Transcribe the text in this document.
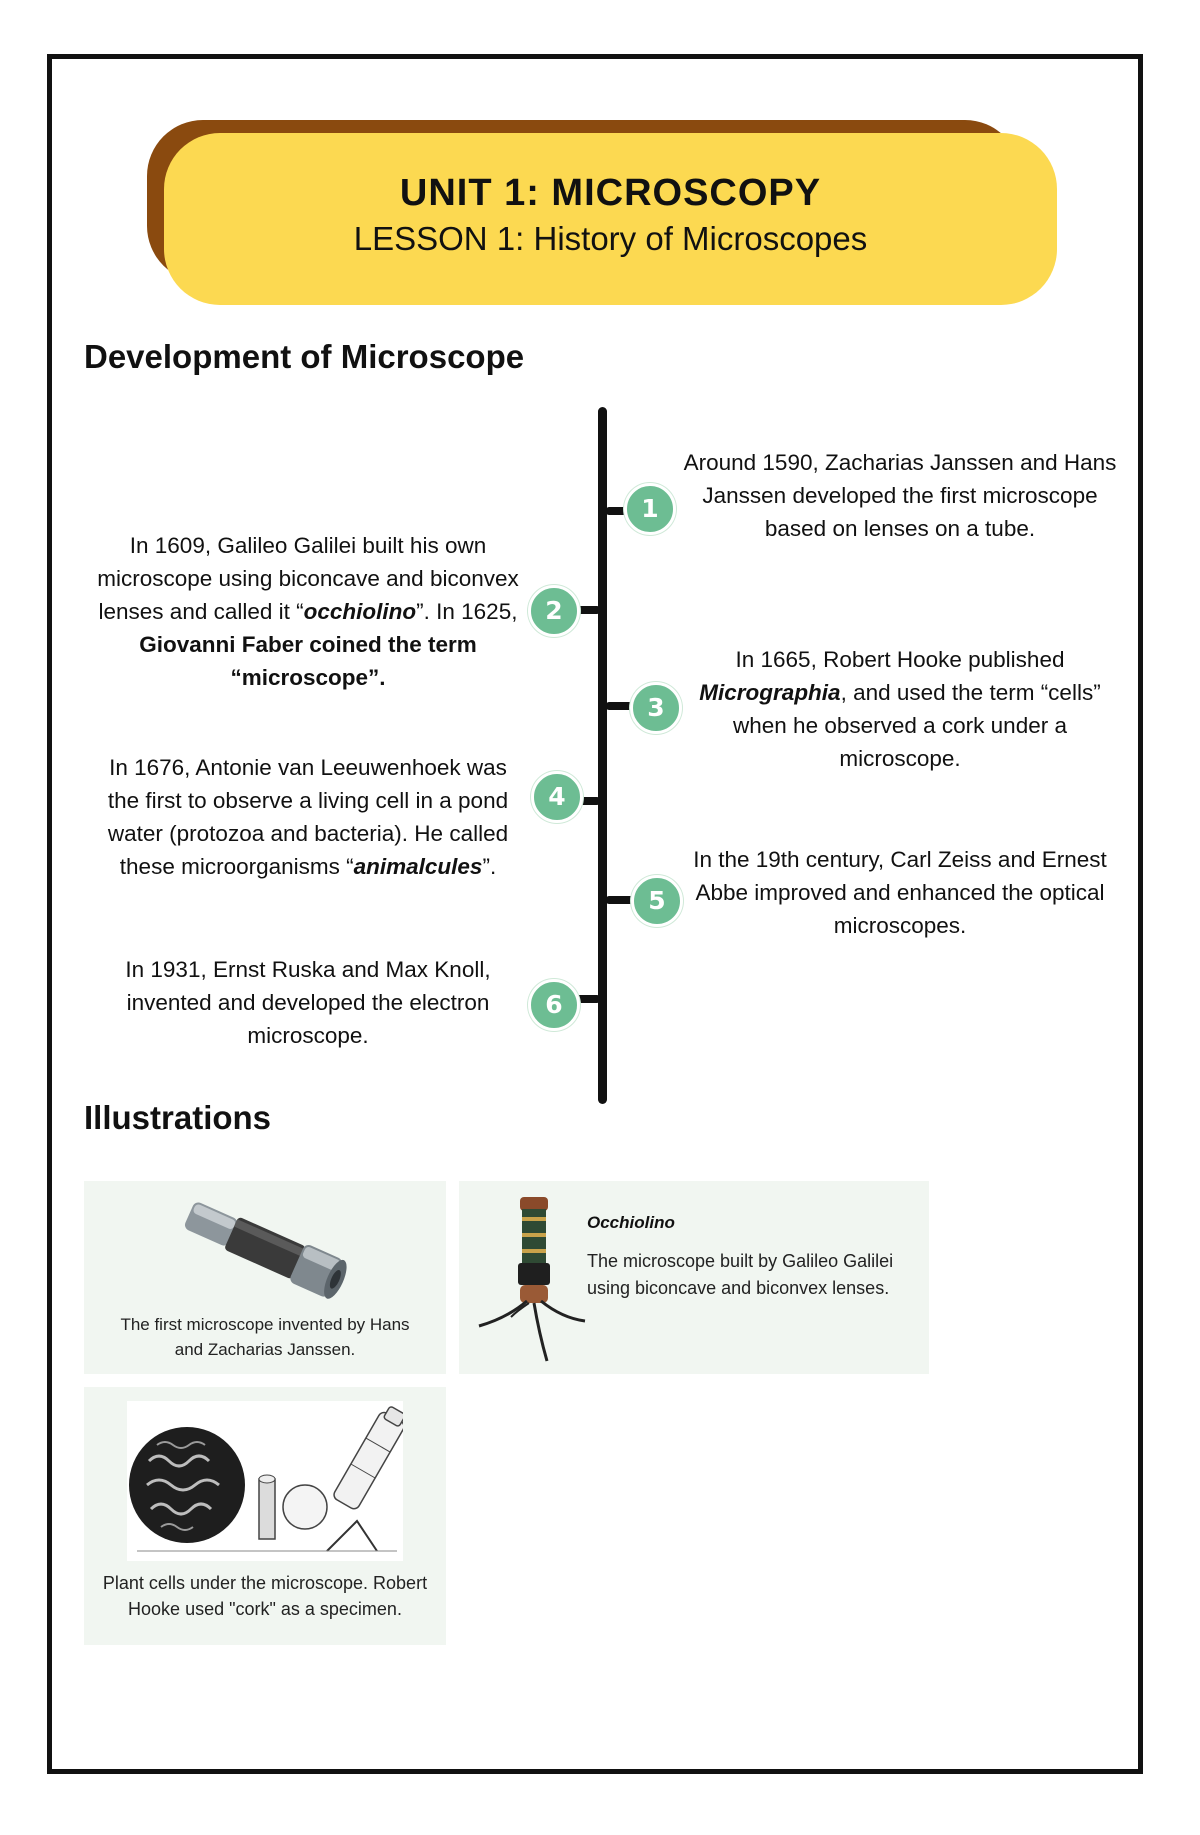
UNIT 1: MICROSCOPY
LESSON 1: History of Microscopes
Development of Microscope
1
2
3
4
5
6
Around 1590, Zacharias Janssen and Hans
Janssen developed the first microscope
based on lenses on a tube.
In 1609, Galileo Galilei built his own
microscope using biconcave and biconvex
lenses and called it “occhiolino”. In 1625,
Giovanni Faber coined the term
“microscope”.
In 1665, Robert Hooke published
Micrographia, and used the term “cells”
when he observed a cork under a
microscope.
In 1676, Antonie van Leeuwenhoek was
the first to observe a living cell in a pond
water (protozoa and bacteria). He called
these microorganisms “animalcules”.	In the 19th century, Carl Zeiss and Ernest
Abbe improved and enhanced the optical
microscopes.
In 1931, Ernst Ruska and Max Knoll,
invented and developed the electron
microscope.
Illustrations
The first microscope invented by Hans
and Zacharias Janssen.
Occhiolino
The microscope built by Galileo Galilei
using biconcave and biconvex lenses.
Plant cells under the microscope. Robert
Hooke used "cork" as a specimen.
